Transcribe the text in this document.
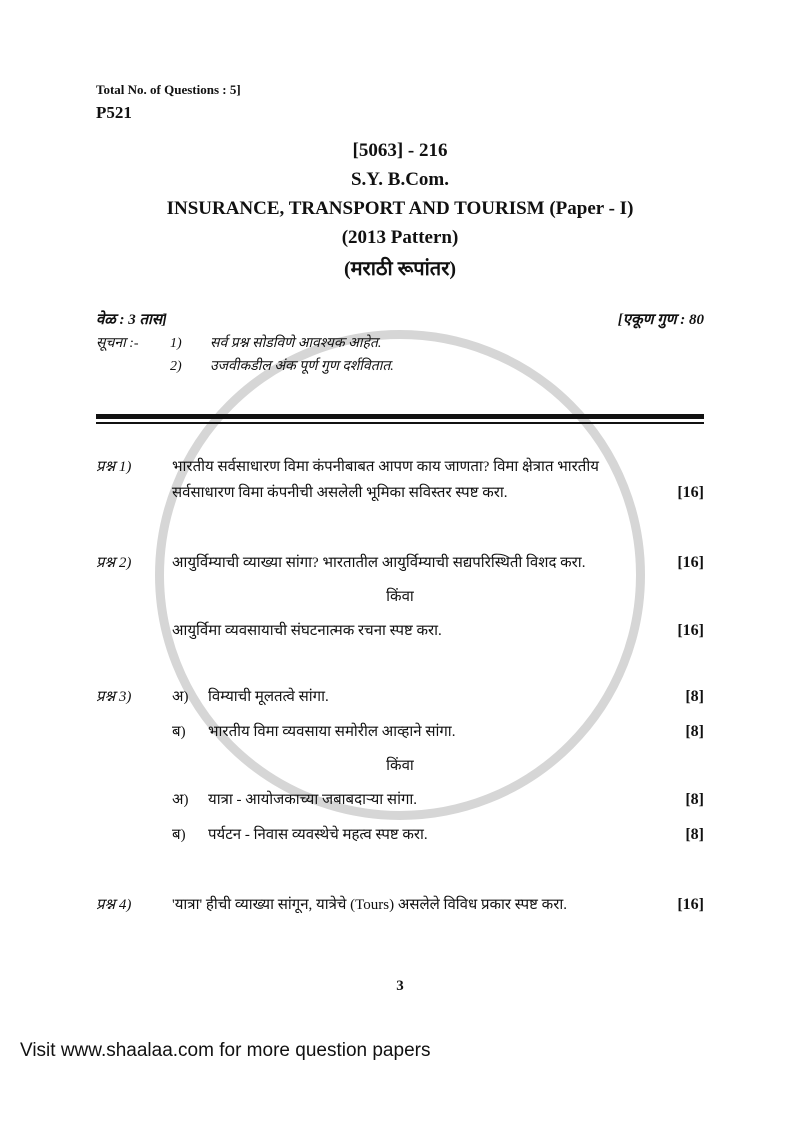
Total No. of Questions : 5]
P521
[5063] - 216
S.Y. B.Com.
INSURANCE, TRANSPORT AND TOURISM (Paper - I)
(2013 Pattern)
(मराठी रूपांतर)
वेळ : 3 तास]	[एकूण गुण : 80
सूचना :-	1)	सर्व प्रश्न सोडविणे आवश्यक आहेत.
2)	उजवीकडील अंक पूर्ण गुण दर्शवितात.
प्रश्न 1)	भारतीय सर्वसाधारण विमा कंपनीबाबत आपण काय जाणता? विमा क्षेत्रात भारतीय
सर्वसाधारण विमा कंपनीची असलेली भूमिका सविस्तर स्पष्ट करा.	[16]
प्रश्न 2)	आयुर्विम्याची व्याख्या सांगा? भारतातील आयुर्विम्याची सद्यपरिस्थिती विशद करा.	[16]
किंवा
आयुर्विमा व्यवसायाची संघटनात्मक रचना स्पष्ट करा.	[16]
प्रश्न 3)	अ)	विम्याची मूलतत्वे सांगा.	[8]
ब)	भारतीय विमा व्यवसाया समोरील आव्हाने सांगा.	[8]
किंवा
अ)	यात्रा - आयोजकाच्या जबाबदाऱ्या सांगा.	[8]
ब)	पर्यटन - निवास व्यवस्थेचे महत्व स्पष्ट करा.	[8]
प्रश्न 4)	'यात्रा' हीची व्याख्या सांगून, यात्रेचे (Tours) असलेले विविध प्रकार स्पष्ट करा.	[16]
3
Visit www.shaalaa.com for more question papers
